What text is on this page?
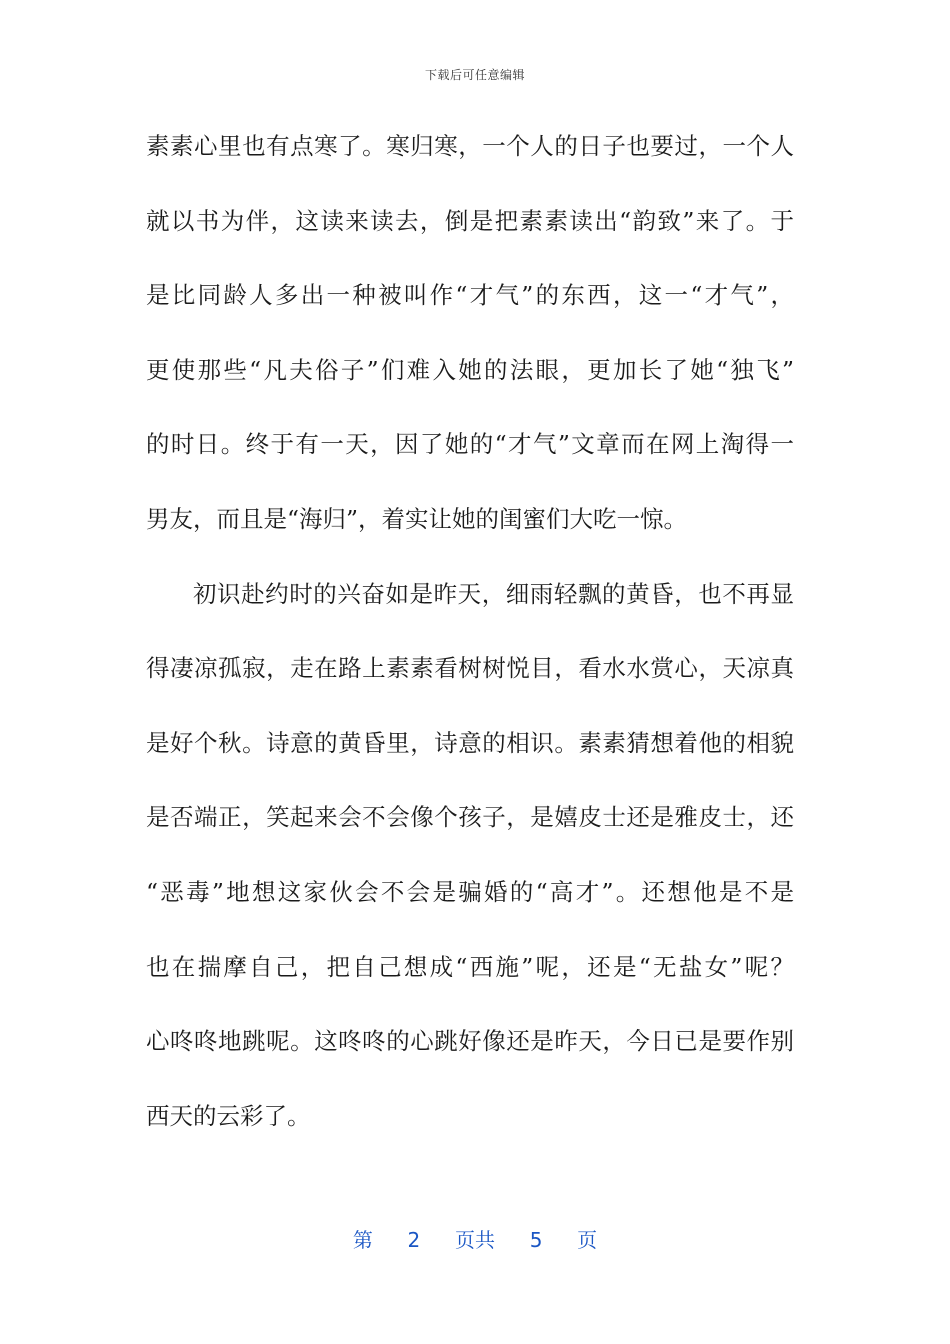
下载后可任意编辑
素素心里也有点寒了。寒归寒，一个人的日子也要过，一个人
就以书为伴，这读来读去，倒是把素素读出“韵致”来了。于
是比同龄人多出一种被叫作“才气”的东西，这一“才气”，
更使那些“凡夫俗子”们难入她的法眼，更加长了她“独飞”
的时日。终于有一天，因了她的“才气”文章而在网上淘得一
男友，而且是“海归”，着实让她的闺蜜们大吃一惊。
初识赴约时的兴奋如是昨天，细雨轻飘的黄昏，也不再显
得凄凉孤寂，走在路上素素看树树悦目，看水水赏心，天凉真
是好个秋。诗意的黄昏里，诗意的相识。素素猜想着他的相貌
是否端正，笑起来会不会像个孩子，是嬉皮士还是雅皮士，还
“恶毒”地想这家伙会不会是骗婚的“高才”。还想他是不是
也在揣摩自己，把自己想成“西施”呢，还是“无盐女”呢？
心咚咚地跳呢。这咚咚的心跳好像还是昨天，今日已是要作别
西天的云彩了。
第 2 页共 5 页
